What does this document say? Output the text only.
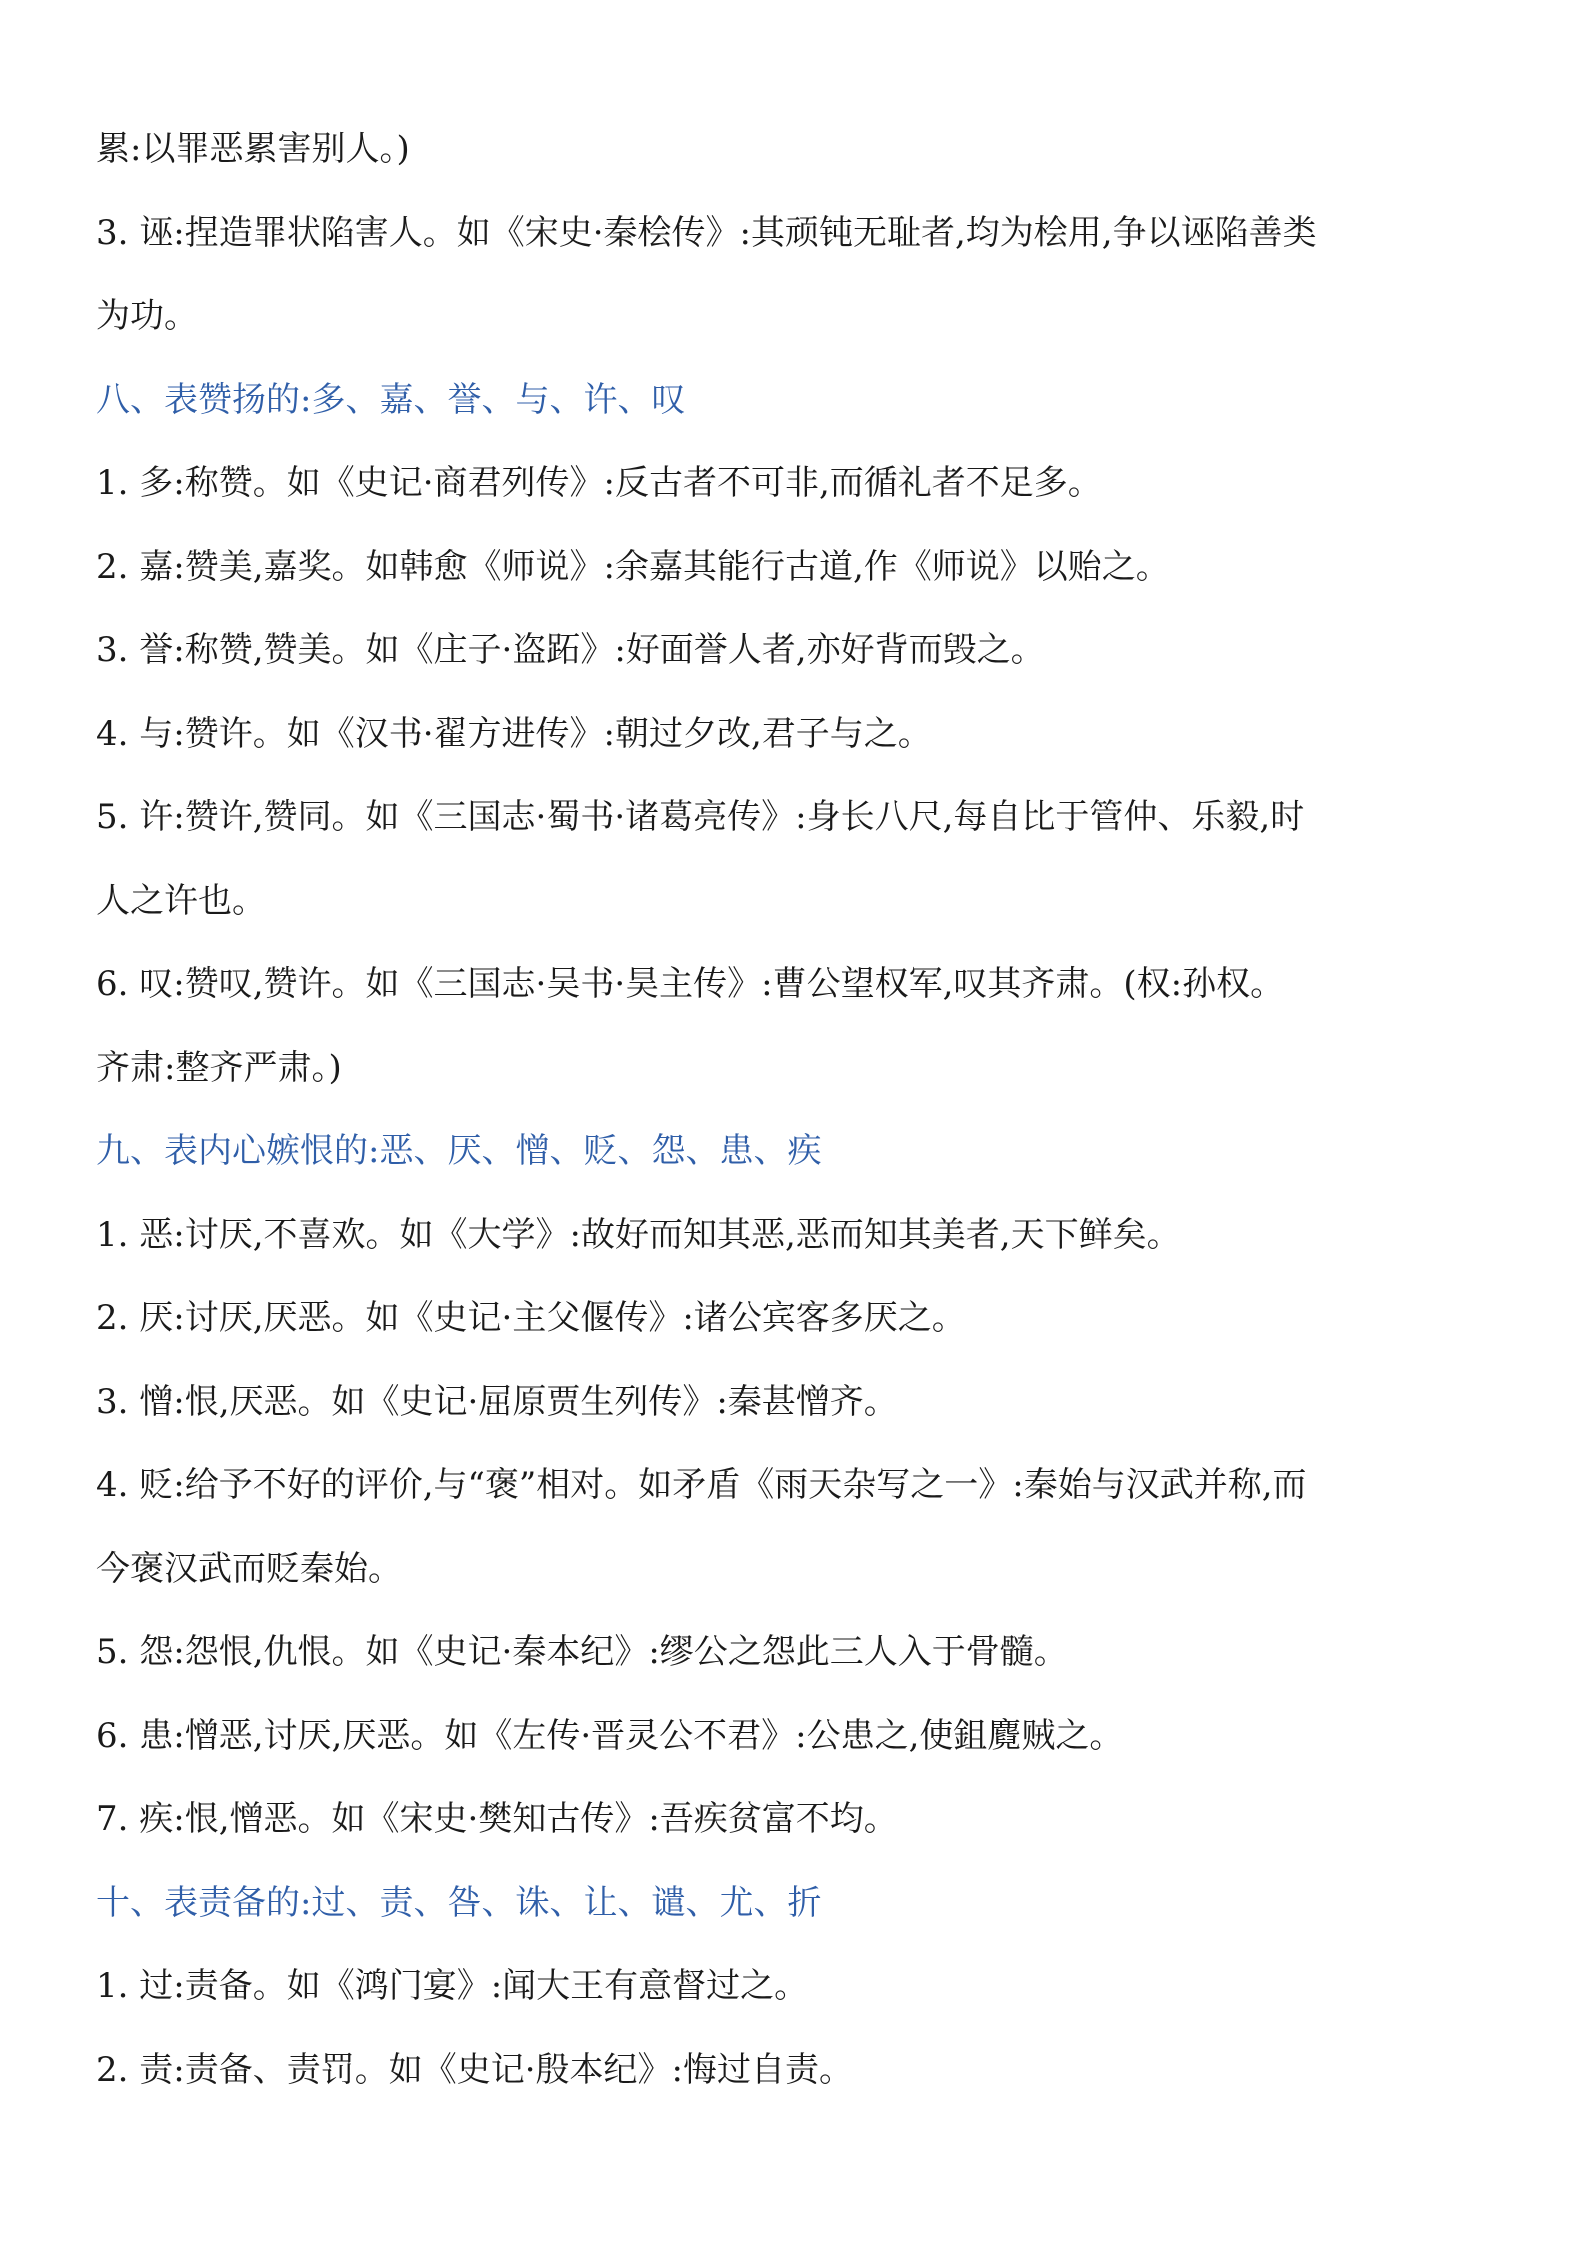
累:以罪恶累害别人。)
3. 诬:捏造罪状陷害人。如《宋史·秦桧传》:其顽钝无耻者,均为桧用,争以诬陷善类
为功。
八、表赞扬的:多、嘉、誉、与、许、叹
1. 多:称赞。如《史记·商君列传》:反古者不可非,而循礼者不足多。
2. 嘉:赞美,嘉奖。如韩愈《师说》:余嘉其能行古道,作《师说》以贻之。
3. 誉:称赞,赞美。如《庄子·盗跖》:好面誉人者,亦好背而毁之。
4. 与:赞许。如《汉书·翟方进传》:朝过夕改,君子与之。
5. 许:赞许,赞同。如《三国志·蜀书·诸葛亮传》:身长八尺,每自比于管仲、乐毅,时
人之许也。
6. 叹:赞叹,赞许。如《三国志·吴书·昊主传》:曹公望权军,叹其齐肃。(权:孙权。
齐肃:整齐严肃。)
九、表内心嫉恨的:恶、厌、憎、贬、怨、患、疾
1. 恶:讨厌,不喜欢。如《大学》:故好而知其恶,恶而知其美者,天下鲜矣。
2. 厌:讨厌,厌恶。如《史记·主父偃传》:诸公宾客多厌之。
3. 憎:恨,厌恶。如《史记·屈原贾生列传》:秦甚憎齐。
4. 贬:给予不好的评价,与“褒”相对。如矛盾《雨天杂写之一》:秦始与汉武并称,而
今褒汉武而贬秦始。
5. 怨:怨恨,仇恨。如《史记·秦本纪》:缪公之怨此三人入于骨髓。
6. 患:憎恶,讨厌,厌恶。如《左传·晋灵公不君》:公患之,使鉏麑贼之。
7. 疾:恨,憎恶。如《宋史·樊知古传》:吾疾贫富不均。
十、表责备的:过、责、咎、诛、让、谴、尤、折
1. 过:责备。如《鸿门宴》:闻大王有意督过之。
2. 责:责备、责罚。如《史记·殷本纪》:悔过自责。
